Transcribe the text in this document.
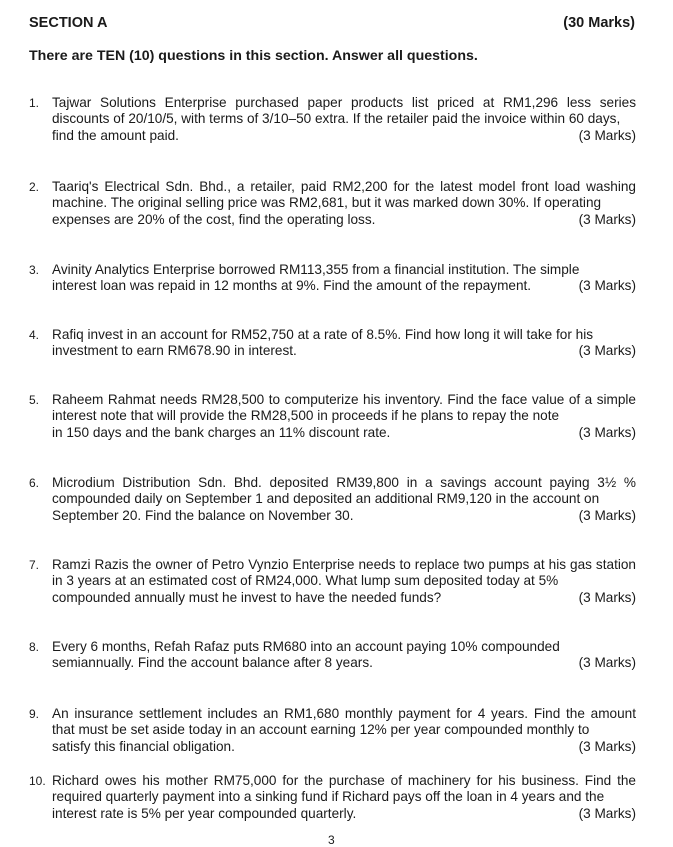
SECTION A	(30 Marks)
There are TEN (10) questions in this section. Answer all questions.
1. Tajwar Solutions Enterprise purchased paper products list priced at RM1,296 less series discounts of 20/10/5, with terms of 3/10–50 extra. If the retailer paid the invoice within 60 days,
find the amount paid.	(3 Marks)
2. Taariq's Electrical Sdn. Bhd., a retailer, paid RM2,200 for the latest model front load washing machine. The original selling price was RM2,681, but it was marked down 30%. If operating
expenses are 20% of the cost, find the operating loss.	(3 Marks)
3. Avinity Analytics Enterprise borrowed RM113,355 from a financial institution. The simple
interest loan was repaid in 12 months at 9%. Find the amount of the repayment.	(3 Marks)
4. Rafiq invest in an account for RM52,750 at a rate of 8.5%. Find how long it will take for his
investment to earn RM678.90 in interest.	(3 Marks)
5. Raheem Rahmat needs RM28,500 to computerize his inventory. Find the face value of a simple interest note that will provide the RM28,500 in proceeds if he plans to repay the note
in 150 days and the bank charges an 11% discount rate.	(3 Marks)
6. Microdium Distribution Sdn. Bhd. deposited RM39,800 in a savings account paying 3½ % compounded daily on September 1 and deposited an additional RM9,120 in the account on
September 20. Find the balance on November 30.	(3 Marks)
7. Ramzi Razis the owner of Petro Vynzio Enterprise needs to replace two pumps at his gas station in 3 years at an estimated cost of RM24,000. What lump sum deposited today at 5%
compounded annually must he invest to have the needed funds?	(3 Marks)
8. Every 6 months, Refah Rafaz puts RM680 into an account paying 10% compounded
semiannually. Find the account balance after 8 years.	(3 Marks)
9. An insurance settlement includes an RM1,680 monthly payment for 4 years. Find the amount that must be set aside today in an account earning 12% per year compounded monthly to
satisfy this financial obligation.	(3 Marks)
10. Richard owes his mother RM75,000 for the purchase of machinery for his business. Find the required quarterly payment into a sinking fund if Richard pays off the loan in 4 years and the
interest rate is 5% per year compounded quarterly.	(3 Marks)
3
